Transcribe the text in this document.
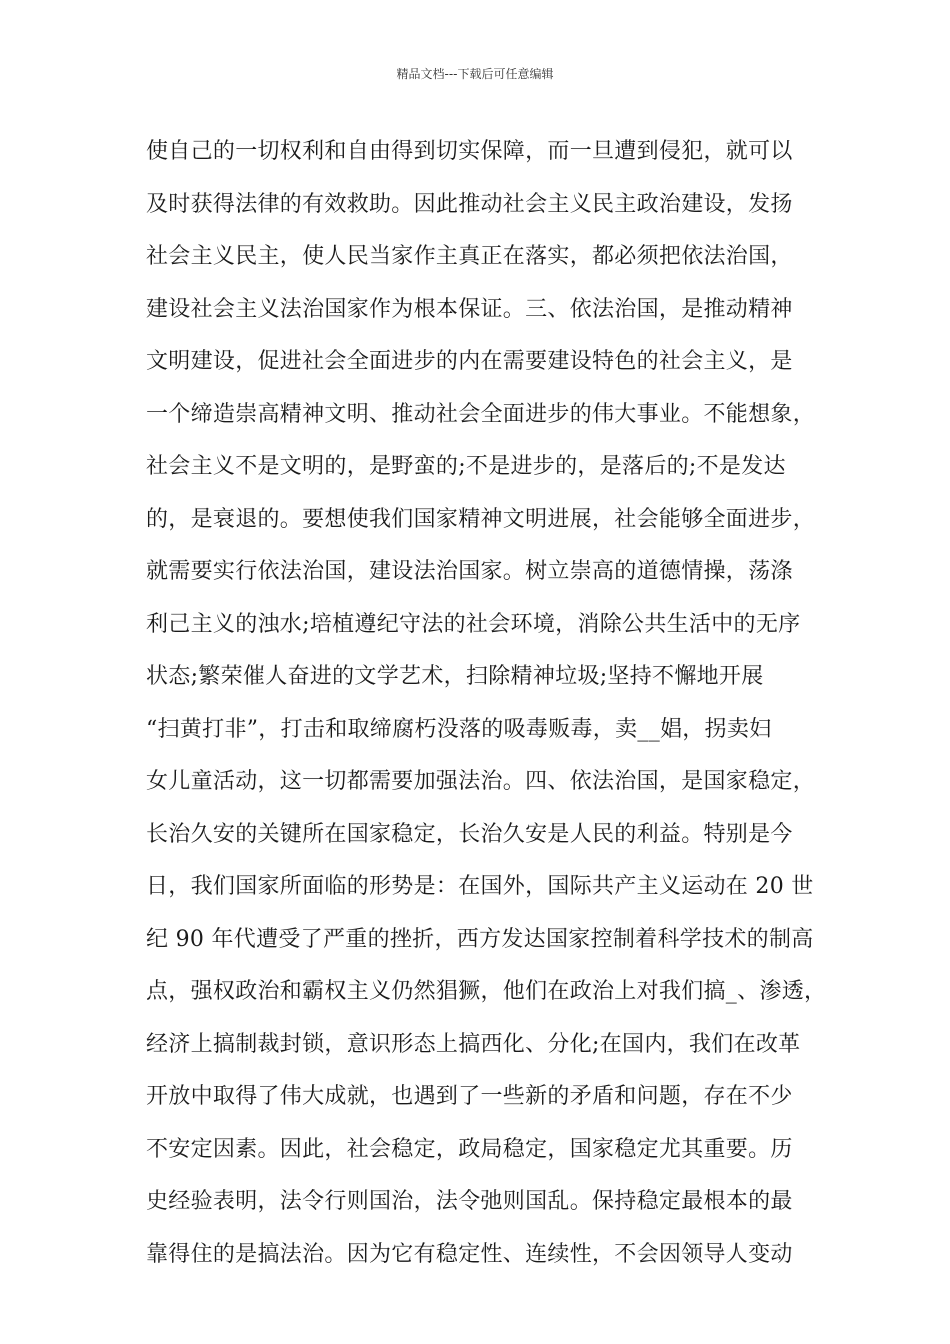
精品文档---下载后可任意编辑
使自己的一切权利和自由得到切实保障，而一旦遭到侵犯，就可以
及时获得法律的有效救助。因此推动社会主义民主政治建设，发扬
社会主义民主，使人民当家作主真正在落实，都必须把依法治国，
建设社会主义法治国家作为根本保证。三、依法治国，是推动精神
文明建设，促进社会全面进步的内在需要建设特色的社会主义，是
一个缔造崇高精神文明、推动社会全面进步的伟大事业。不能想象，
社会主义不是文明的，是野蛮的;不是进步的，是落后的;不是发达
的，是衰退的。要想使我们国家精神文明进展，社会能够全面进步，
就需要实行依法治国，建设法治国家。树立崇高的道德情操，荡涤
利己主义的浊水;培植遵纪守法的社会环境，消除公共生活中的无序
状态;繁荣催人奋进的文学艺术，扫除精神垃圾;坚持不懈地开展
“扫黄打非”，打击和取缔腐朽没落的吸毒贩毒，卖__娼，拐卖妇
女儿童活动，这一切都需要加强法治。四、依法治国，是国家稳定，
长治久安的关键所在国家稳定，长治久安是人民的利益。特别是今
日，我们国家所面临的形势是：在国外，国际共产主义运动在 20 世
纪 90 年代遭受了严重的挫折，西方发达国家控制着科学技术的制高
点，强权政治和霸权主义仍然猖獗，他们在政治上对我们搞_、渗透，
经济上搞制裁封锁，意识形态上搞西化、分化;在国内，我们在改革
开放中取得了伟大成就，也遇到了一些新的矛盾和问题，存在不少
不安定因素。因此，社会稳定，政局稳定，国家稳定尤其重要。历
史经验表明，法令行则国治，法令弛则国乱。保持稳定最根本的最
靠得住的是搞法治。因为它有稳定性、连续性，不会因领导人变动
